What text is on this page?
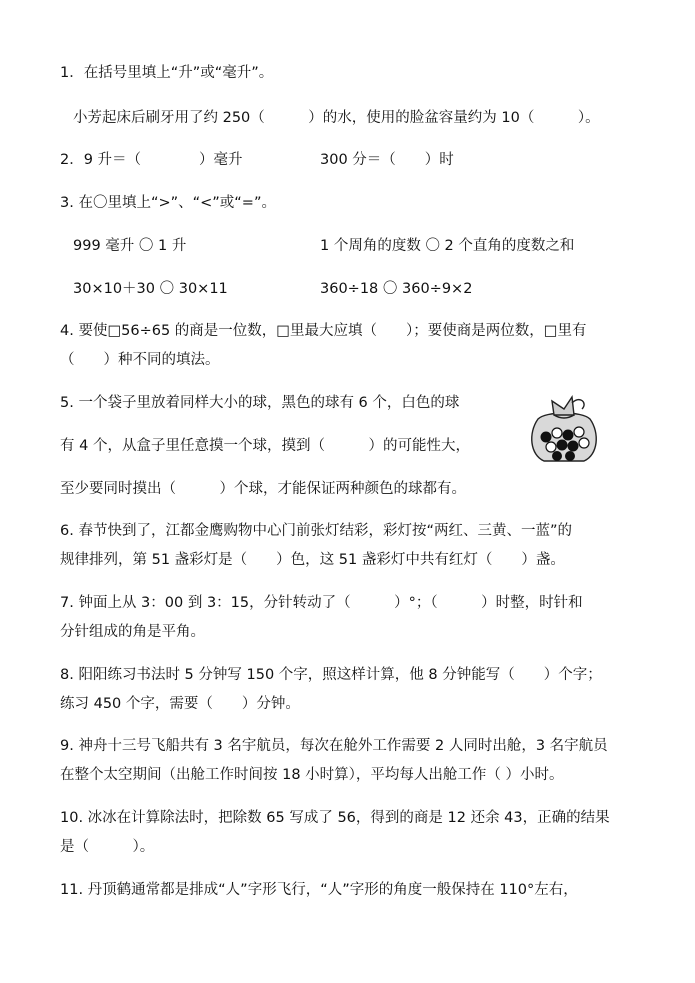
1．在括号里填上“升”或“毫升”。
小芳起床后刷牙用了约 250（　　　）的水，使用的脸盆容量约为 10（　　　）。
2．9 升＝（　　　　）毫升	300 分＝（　　）时
3. 在〇里填上“>”、“<”或“=”。
999 毫升 〇 1 升	1 个周角的度数 〇 2 个直角的度数之和
30×10＋30 〇 30×11	360÷18 〇 360÷9×2
4. 要使□56÷65 的商是一位数，□里最大应填（　　）；要使商是两位数，□里有
（　　）种不同的填法。
5. 一个袋子里放着同样大小的球，黑色的球有 6 个，白色的球
有 4 个，从盒子里任意摸一个球，摸到（　　　）的可能性大，
至少要同时摸出（　　　）个球，才能保证两种颜色的球都有。
6. 春节快到了，江都金鹰购物中心门前张灯结彩，彩灯按“两红、三黄、一蓝”的
规律排列，第 51 盏彩灯是（　　）色，这 51 盏彩灯中共有红灯（　　）盏。
7. 钟面上从 3：00 到 3：15，分针转动了（　　　）°；（　　　）时整，时针和
分针组成的角是平角。
8. 阳阳练习书法时 5 分钟写 150 个字，照这样计算，他 8 分钟能写（　　）个字；
练习 450 个字，需要（　　）分钟。
9. 神舟十三号飞船共有 3 名宇航员，每次在舱外工作需要 2 人同时出舱，3 名宇航员
在整个太空期间（出舱工作时间按 18 小时算），平均每人出舱工作（ ）小时。
10. 冰冰在计算除法时，把除数 65 写成了 56，得到的商是 12 还余 43，正确的结果
是（　　　）。
11. 丹顶鹤通常都是排成“人”字形飞行，“人”字形的角度一般保持在 110°左右，
